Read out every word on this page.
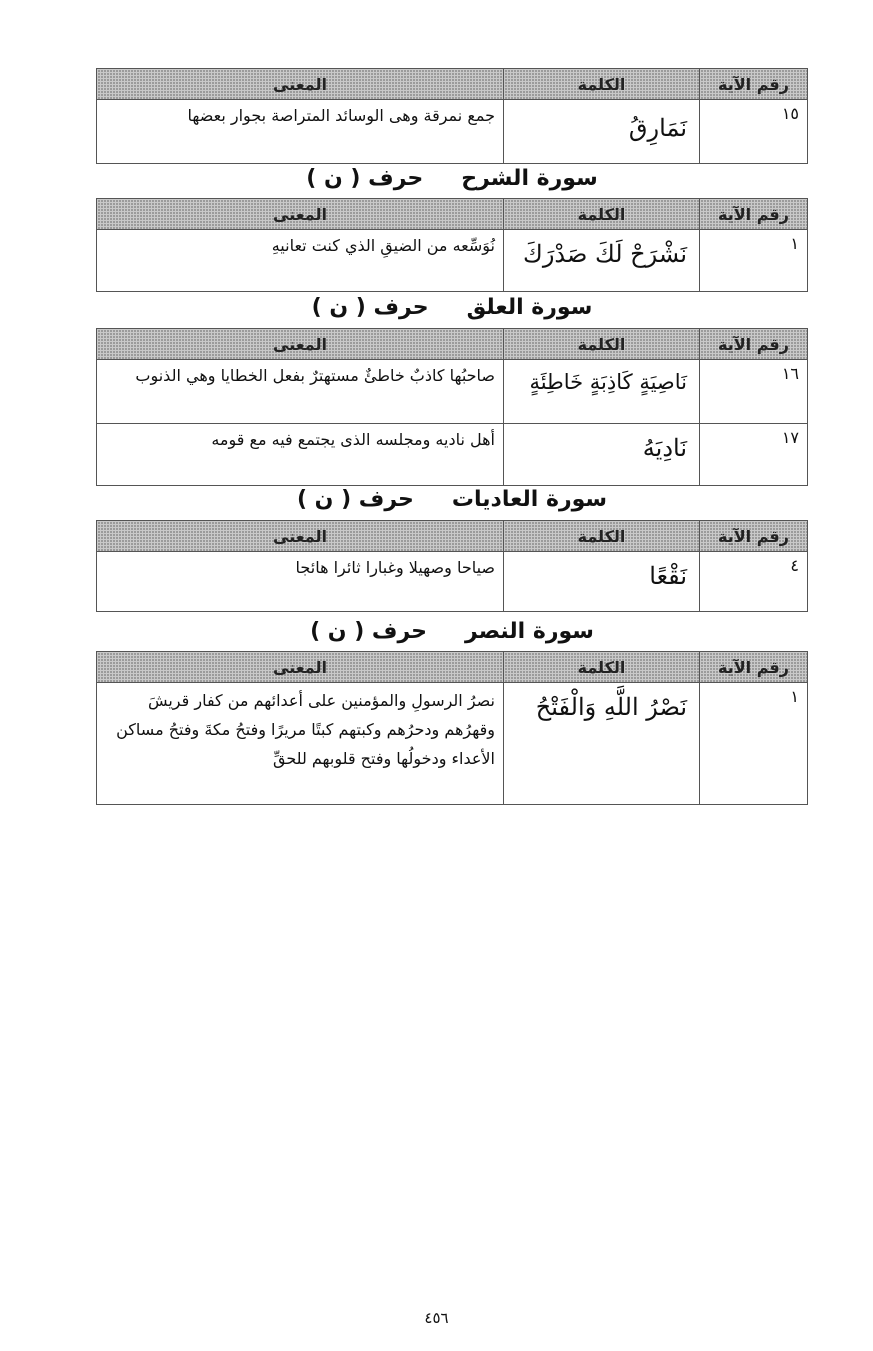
رقم الآية	الكلمة	المعنى
١٥	نَمَارِقُ	جمع نمرقة وهى الوسائد المتراصة بجوار بعضها
سورة الشرححرف ( ن )
رقم الآية	الكلمة	المعنى
١	نَشْرَحْ لَكَ صَدْرَكَ	نُوَسِّعه من الضيقِ الذي كنت تعانيهِ
سورة العلقحرف ( ن )
رقم الآية	الكلمة	المعنى
١٦	نَاصِيَةٍ كَاذِبَةٍ خَاطِئَةٍ	صاحبُها كاذبٌ خاطئٌ مستهترٌ بفعل الخطايا وهي الذنوب
١٧	نَادِيَهُ	أهل ناديه ومجلسه الذى يجتمع فيه مع قومه
سورة العادياتحرف ( ن )
رقم الآية	الكلمة	المعنى
٤	نَقْعًا	صياحا وصهيلا وغبارا ثائرا هائجا
سورة النصرحرف ( ن )
رقم الآية	الكلمة	المعنى
١	نَصْرُ اللَّهِ وَالْفَتْحُ	نصرُ الرسولِ والمؤمنين على أعدائهم من كفار قريشَ وقهرُهم ودحرُهم وكبتهم كبتًا مريرًا وفتحُ مكةَ وفتحُ مساكن الأعداء ودخولُها وفتح قلوبهم للحقِّ
٤٥٦
